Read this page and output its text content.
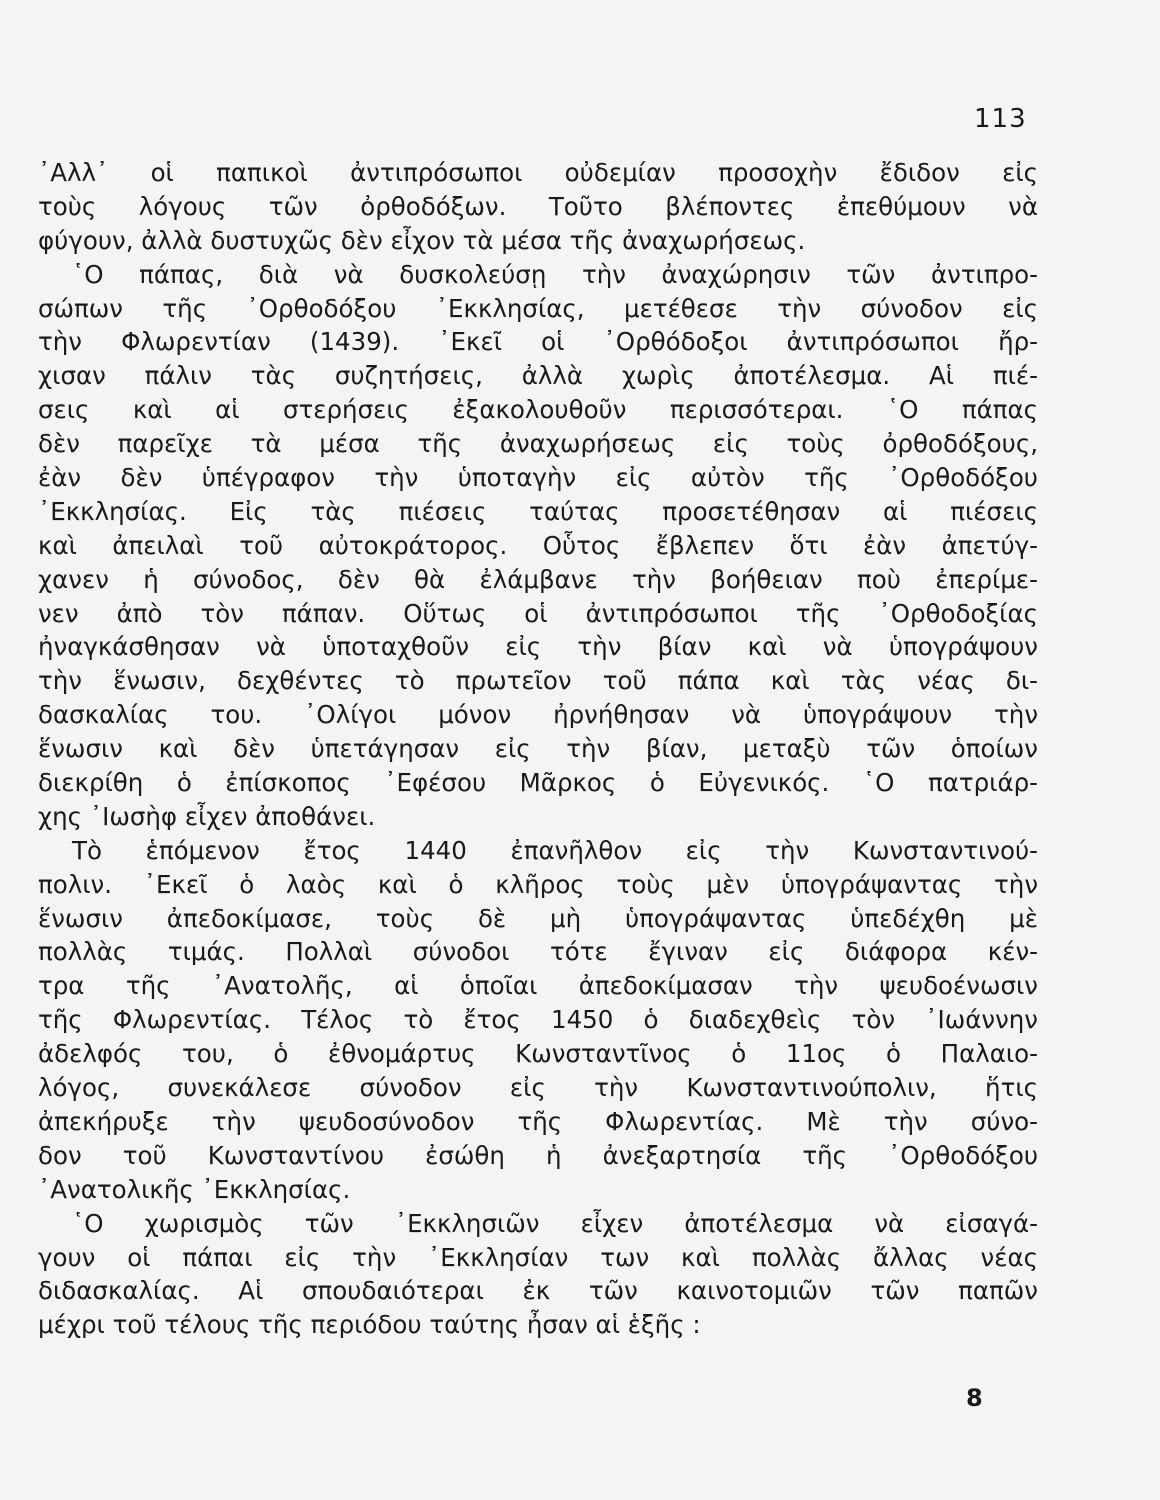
113
᾿Αλλ᾿ οἱ παπικοὶ ἀντιπρόσωποι οὐδεμίαν προσοχὴν ἔδιδον εἰς
τοὺς λόγους τῶν ὀρθοδόξων. Τοῦτο βλέποντες ἐπεθύμουν νὰ
φύγουν, ἀλλὰ δυστυχῶς δὲν εἶχον τὰ μέσα τῆς ἀναχωρήσεως.
῾Ο πάπας, διὰ νὰ δυσκολεύσῃ τὴν ἀναχώρησιν τῶν ἀντιπρο-
σώπων τῆς ᾿Ορθοδόξου ᾿Εκκλησίας, μετέθεσε τὴν σύνοδον εἰς
τὴν Φλωρεντίαν (1439). ᾿Εκεῖ οἱ ᾿Ορθόδοξοι ἀντιπρόσωποι ἤρ-
χισαν πάλιν τὰς συζητήσεις, ἀλλὰ χωρὶς ἀποτέλεσμα. Αἱ πιέ-
σεις καὶ αἱ στερήσεις ἐξακολουθοῦν περισσότεραι. ῾Ο πάπας
δὲν παρεῖχε τὰ μέσα τῆς ἀναχωρήσεως εἰς τοὺς ὀρθοδόξους,
ἐὰν δὲν ὑπέγραφον τὴν ὑποταγὴν εἰς αὐτὸν τῆς ᾿Ορθοδόξου
᾿Εκκλησίας. Εἰς τὰς πιέσεις ταύτας προσετέθησαν αἱ πιέσεις
καὶ ἀπειλαὶ τοῦ αὐτοκράτορος. Οὗτος ἔβλεπεν ὅτι ἐὰν ἀπετύγ-
χανεν ἡ σύνοδος, δὲν θὰ ἐλάμβανε τὴν βοήθειαν ποὺ ἐπερίμε-
νεν ἀπὸ τὸν πάπαν. Οὕτως οἱ ἀντιπρόσωποι τῆς ᾿Ορθοδοξίας
ἠναγκάσθησαν νὰ ὑποταχθοῦν εἰς τὴν βίαν καὶ νὰ ὑπογράψουν
τὴν ἕνωσιν, δεχθέντες τὸ πρωτεῖον τοῦ πάπα καὶ τὰς νέας δι-
δασκαλίας του. ᾿Ολίγοι μόνον ἠρνήθησαν νὰ ὑπογράψουν τὴν
ἕνωσιν καὶ δὲν ὑπετάγησαν εἰς τὴν βίαν, μεταξὺ τῶν ὁποίων
διεκρίθη ὁ ἐπίσκοπος ᾿Εφέσου Μᾶρκος ὁ Εὐγενικός. ῾Ο πατριάρ-
χης ᾿Ιωσὴφ εἶχεν ἀποθάνει.
Τὸ ἑπόμενον ἔτος 1440 ἐπανῆλθον εἰς τὴν Κωνσταντινού-
πολιν. ᾿Εκεῖ ὁ λαὸς καὶ ὁ κλῆρος τοὺς μὲν ὑπογράψαντας τὴν
ἕνωσιν ἀπεδοκίμασε, τοὺς δὲ μὴ ὑπογράψαντας ὑπεδέχθη μὲ
πολλὰς τιμάς. Πολλαὶ σύνοδοι τότε ἔγιναν εἰς διάφορα κέν-
τρα τῆς ᾿Ανατολῆς, αἱ ὁποῖαι ἀπεδοκίμασαν τὴν ψευδοένωσιν
τῆς Φλωρεντίας. Τέλος τὸ ἔτος 1450 ὁ διαδεχθεὶς τὸν ᾿Ιωάννην
ἀδελφός του, ὁ ἐθνομάρτυς Κωνσταντῖνος ὁ 11ος ὁ Παλαιο-
λόγος, συνεκάλεσε σύνοδον εἰς τὴν Κωνσταντινούπολιν, ἥτις
ἀπεκήρυξε τὴν ψευδοσύνοδον τῆς Φλωρεντίας. Μὲ τὴν σύνο-
δον τοῦ Κωνσταντίνου ἐσώθη ἡ ἀνεξαρτησία τῆς ᾿Ορθοδόξου
᾿Ανατολικῆς ᾿Εκκλησίας.
῾Ο χωρισμὸς τῶν ᾿Εκκλησιῶν εἶχεν ἀποτέλεσμα νὰ εἰσαγά-
γουν οἱ πάπαι εἰς τὴν ᾿Εκκλησίαν των καὶ πολλὰς ἄλλας νέας
διδασκαλίας. Αἱ σπουδαιότεραι ἐκ τῶν καινοτομιῶν τῶν παπῶν
μέχρι τοῦ τέλους τῆς περιόδου ταύτης ἦσαν αἱ ἑξῆς :
8
